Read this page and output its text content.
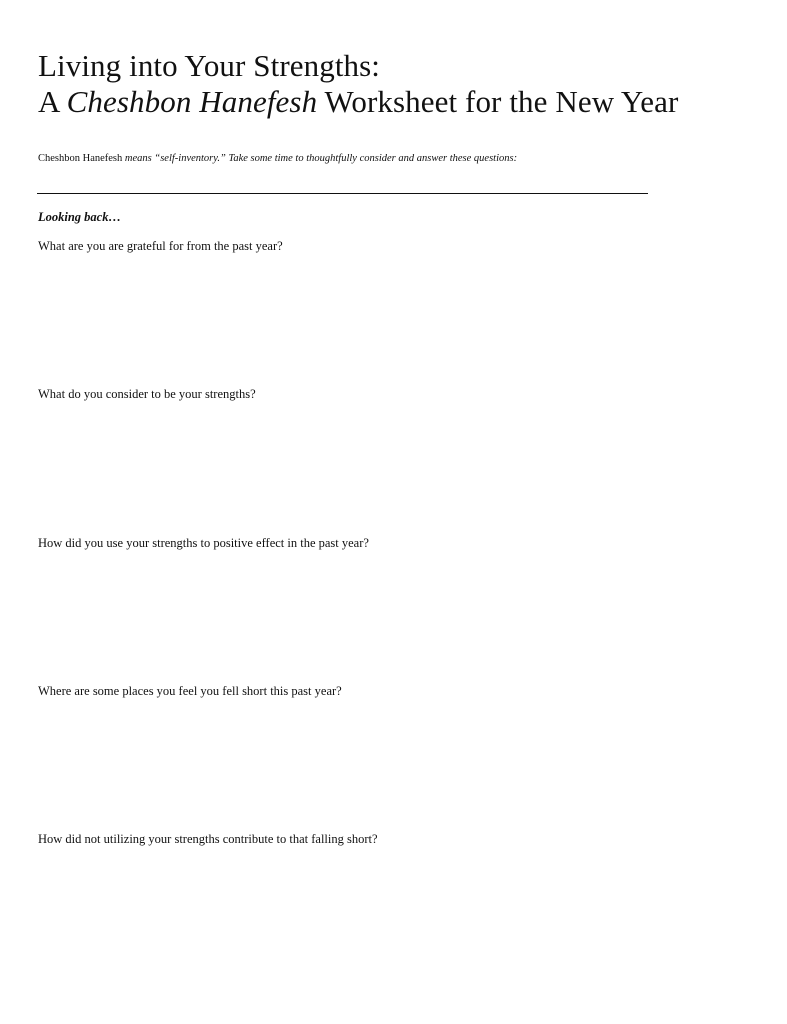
Living into Your Strengths:
A Cheshbon Hanefesh Worksheet for the New Year
Cheshbon Hanefesh means “self-inventory.” Take some time to thoughtfully consider and answer these questions:
Looking back…
What are you are grateful for from the past year?
What do you consider to be your strengths?
How did you use your strengths to positive effect in the past year?
Where are some places you feel you fell short this past year?
How did not utilizing your strengths contribute to that falling short?
